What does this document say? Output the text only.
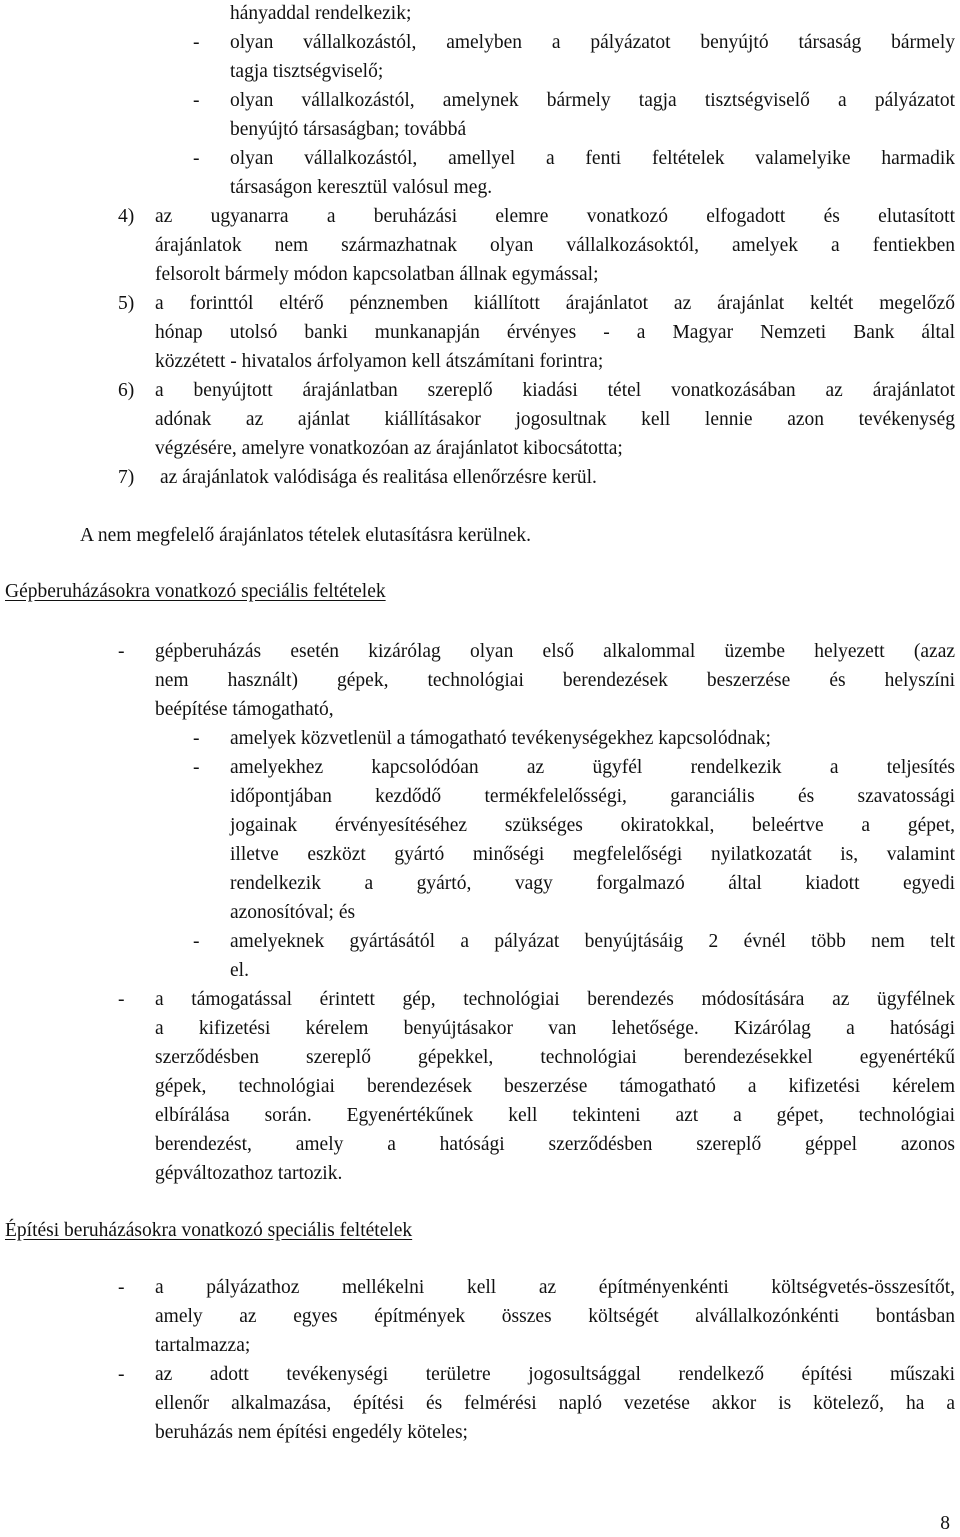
hányaddal rendelkezik;
- olyan vállalkozástól, amelyben a pályázatot benyújtó társaság bármely
tagja tisztségviselő;
- olyan vállalkozástól, amelynek bármely tagja tisztségviselő a pályázatot
benyújtó társaságban; továbbá
- olyan vállalkozástól, amellyel a fenti feltételek valamelyike harmadik
társaságon keresztül valósul meg.
4) az ugyanarra a beruházási elemre vonatkozó elfogadott és elutasított
árajánlatok nem származhatnak olyan vállalkozásoktól, amelyek a fentiekben
felsorolt bármely módon kapcsolatban állnak egymással;
5) a forinttól eltérő pénznemben kiállított árajánlatot az árajánlat keltét megelőző
hónap utolsó banki munkanapján érvényes - a Magyar Nemzeti Bank által
közzétett - hivatalos árfolyamon kell átszámítani forintra;
6) a benyújtott árajánlatban szereplő kiadási tétel vonatkozásában az árajánlatot
adónak az ajánlat kiállításakor jogosultnak kell lennie azon tevékenység
végzésére, amelyre vonatkozóan az árajánlatot kibocsátotta;
7) az árajánlatok valódisága és realitása ellenőrzésre kerül.
A nem megfelelő árajánlatos tételek elutasításra kerülnek.
Gépberuházásokra vonatkozó speciális feltételek
- gépberuházás esetén kizárólag olyan első alkalommal üzembe helyezett (azaz
nem használt) gépek, technológiai berendezések beszerzése és helyszíni
beépítése támogatható,
- amelyek közvetlenül a támogatható tevékenységekhez kapcsolódnak;
- amelyekhez kapcsolódóan az ügyfél rendelkezik a teljesítés
időpontjában kezdődő termékfelelősségi, garanciális és szavatossági
jogainak érvényesítéséhez szükséges okiratokkal, beleértve a gépet,
illetve eszközt gyártó minőségi megfelelőségi nyilatkozatát is, valamint
rendelkezik a gyártó, vagy forgalmazó által kiadott egyedi
azonosítóval; és
- amelyeknek gyártásától a pályázat benyújtásáig 2 évnél több nem telt
el.
- a támogatással érintett gép, technológiai berendezés módosítására az ügyfélnek
a kifizetési kérelem benyújtásakor van lehetősége. Kizárólag a hatósági
szerződésben szereplő gépekkel, technológiai berendezésekkel egyenértékű
gépek, technológiai berendezések beszerzése támogatható a kifizetési kérelem
elbírálása során. Egyenértékűnek kell tekinteni azt a gépet, technológiai
berendezést, amely a hatósági szerződésben szereplő géppel azonos
gépváltozathoz tartozik.
Építési beruházásokra vonatkozó speciális feltételek
- a pályázathoz mellékelni kell az építményenkénti költségvetés-összesítőt,
amely az egyes építmények összes költségét alvállalkozónkénti bontásban
tartalmazza;
- az adott tevékenységi területre jogosultsággal rendelkező építési műszaki
ellenőr alkalmazása, építési és felmérési napló vezetése akkor is kötelező, ha a
beruházás nem építési engedély köteles;
8
